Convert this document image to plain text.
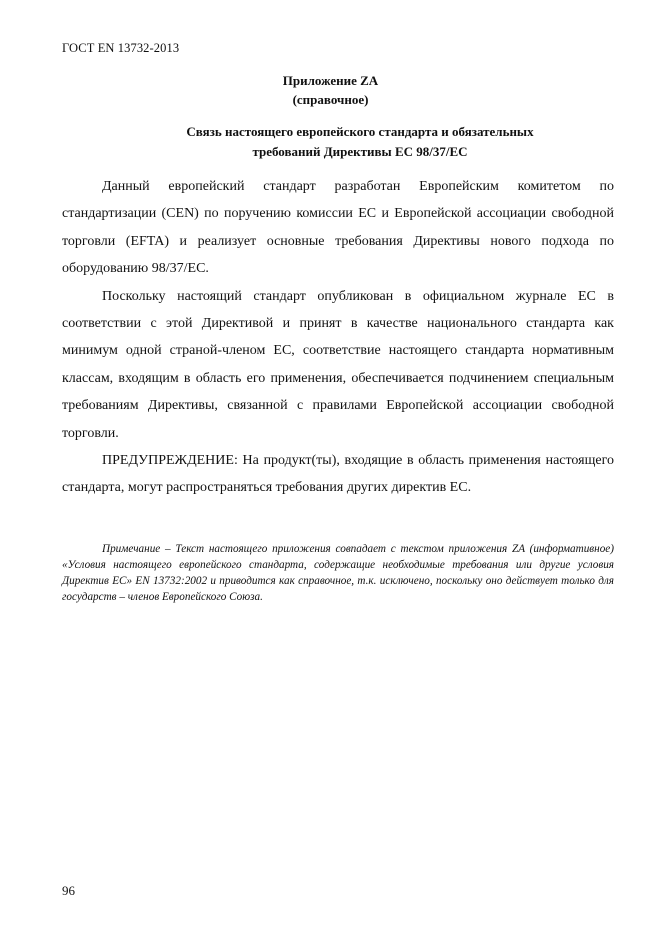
ГОСТ EN 13732-2013
Приложение ZA
(справочное)
Связь настоящего европейского стандарта и обязательных
требований Директивы ЕС 98/37/ЕС

Данный европейский стандарт разработан Европейским комитетом по стандартизации (CEN) по поручению комиссии ЕС и Европейской ассоциации свободной торговли (EFTA) и реализует основные требования Директивы нового подхода по оборудованию 98/37/ЕС.

Поскольку настоящий стандарт опубликован в официальном журнале ЕС в соответствии с этой Директивой и принят в качестве национального стандарта как минимум одной страной-членом ЕС, соответствие настоящего стандарта нормативным классам, входящим в область его применения, обеспечивается подчинением специальным требованиям Директивы, связанной с правилами Европейской ассоциации свободной торговли.

ПРЕДУПРЕЖДЕНИЕ: На продукт(ты), входящие в область применения настоящего стандарта, могут распространяться требования других директив ЕС.

Примечание – Текст настоящего приложения совпадает с текстом приложения ZA (информативное) «Условия настоящего европейского стандарта, содержащие необходимые требования или другие условия Директив ЕС» EN 13732:2002 и приводится как справочное, т.к. исключено, поскольку оно действует только для государств – членов Европейского Союза.
96
